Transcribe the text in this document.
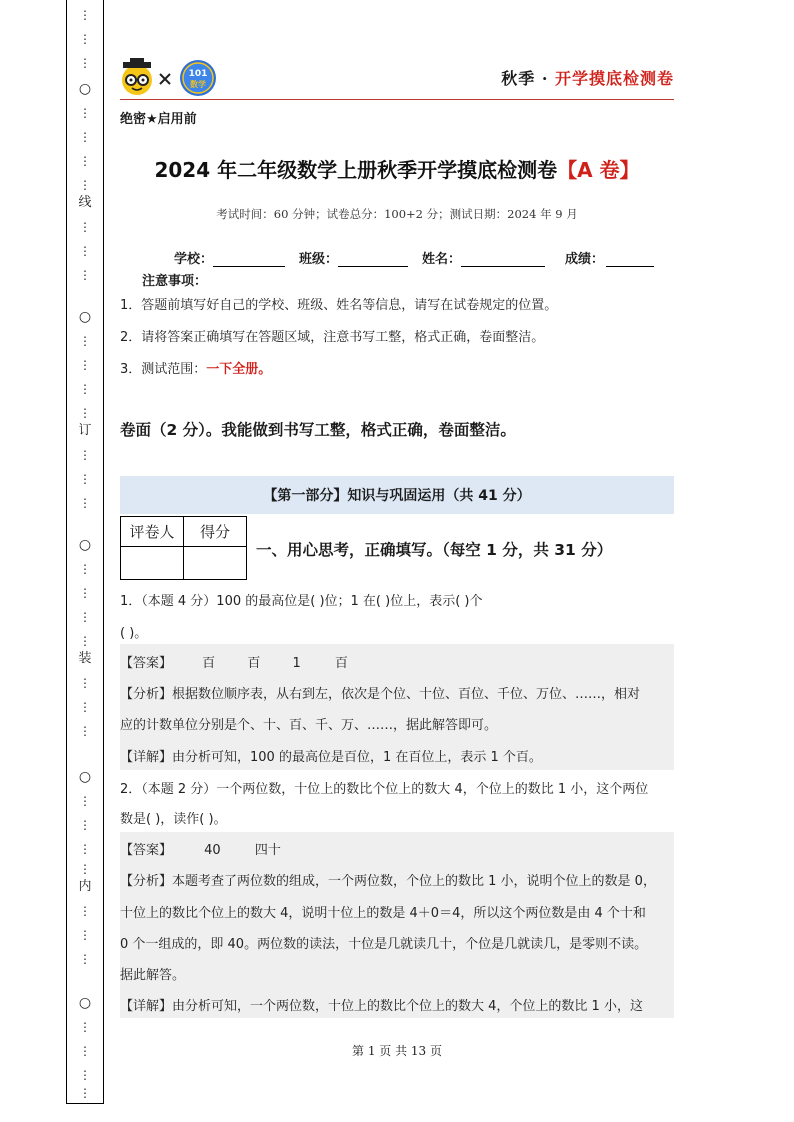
⋮
⋮
⋮
○
⋮
⋮
⋮
⋮
线
⋮
⋮
⋮
○
⋮
⋮
⋮
⋮
订
⋮
⋮
⋮
○
⋮
⋮
⋮
⋮
装
⋮
⋮
⋮
○
⋮
⋮
⋮
⋮
内
⋮
⋮
⋮
○
⋮
⋮
⋮
⋮
101
数学	秋季 · 开学摸底检测卷
绝密★启用前
2024 年二年级数学上册秋季开学摸底检测卷【A 卷】
考试时间：60 分钟；试卷总分：100+2 分；测试日期：2024 年 9 月
学校：	班级：	姓名：	成绩：
注意事项：
1．答题前填写好自己的学校、班级、姓名等信息，请写在试卷规定的位置。
2．请将答案正确填写在答题区域，注意书写工整，格式正确，卷面整洁。
3．测试范围：一下全册。
卷面（2 分）。我能做到书写工整，格式正确，卷面整洁。
【第一部分】知识与巩固运用（共 41 分）
评卷人	得分

一、用心思考，正确填写。（每空 1 分，共 31 分）
1．（本题 4 分）100 的最高位是( )位；1 在( )位上，表示( )个
( )。
【答案】 百 百 1	百
【分析】根据数位顺序表，从右到左，依次是个位、十位、百位、千位、万位、……，相对
应的计数单位分别是个、十、百、千、万、……，据此解答即可。
【详解】由分析可知，100 的最高位是百位，1 在百位上，表示 1 个百。
2．（本题 2 分）一个两位数，十位上的数比个位上的数大 4，个位上的数比 1 小，这个两位
数是( )，读作( )。
【答案】 40	四十
【分析】本题考查了两位数的组成，一个两位数，个位上的数比 1 小，说明个位上的数是 0，
十位上的数比个位上的数大 4，说明十位上的数是 4＋0＝4，所以这个两位数是由 4 个十和
0 个一组成的，即 40。两位数的读法，十位是几就读几十，个位是几就读几，是零则不读。
据此解答。
【详解】由分析可知，一个两位数，十位上的数比个位上的数大 4，个位上的数比 1 小，这
第 1 页 共 13 页
